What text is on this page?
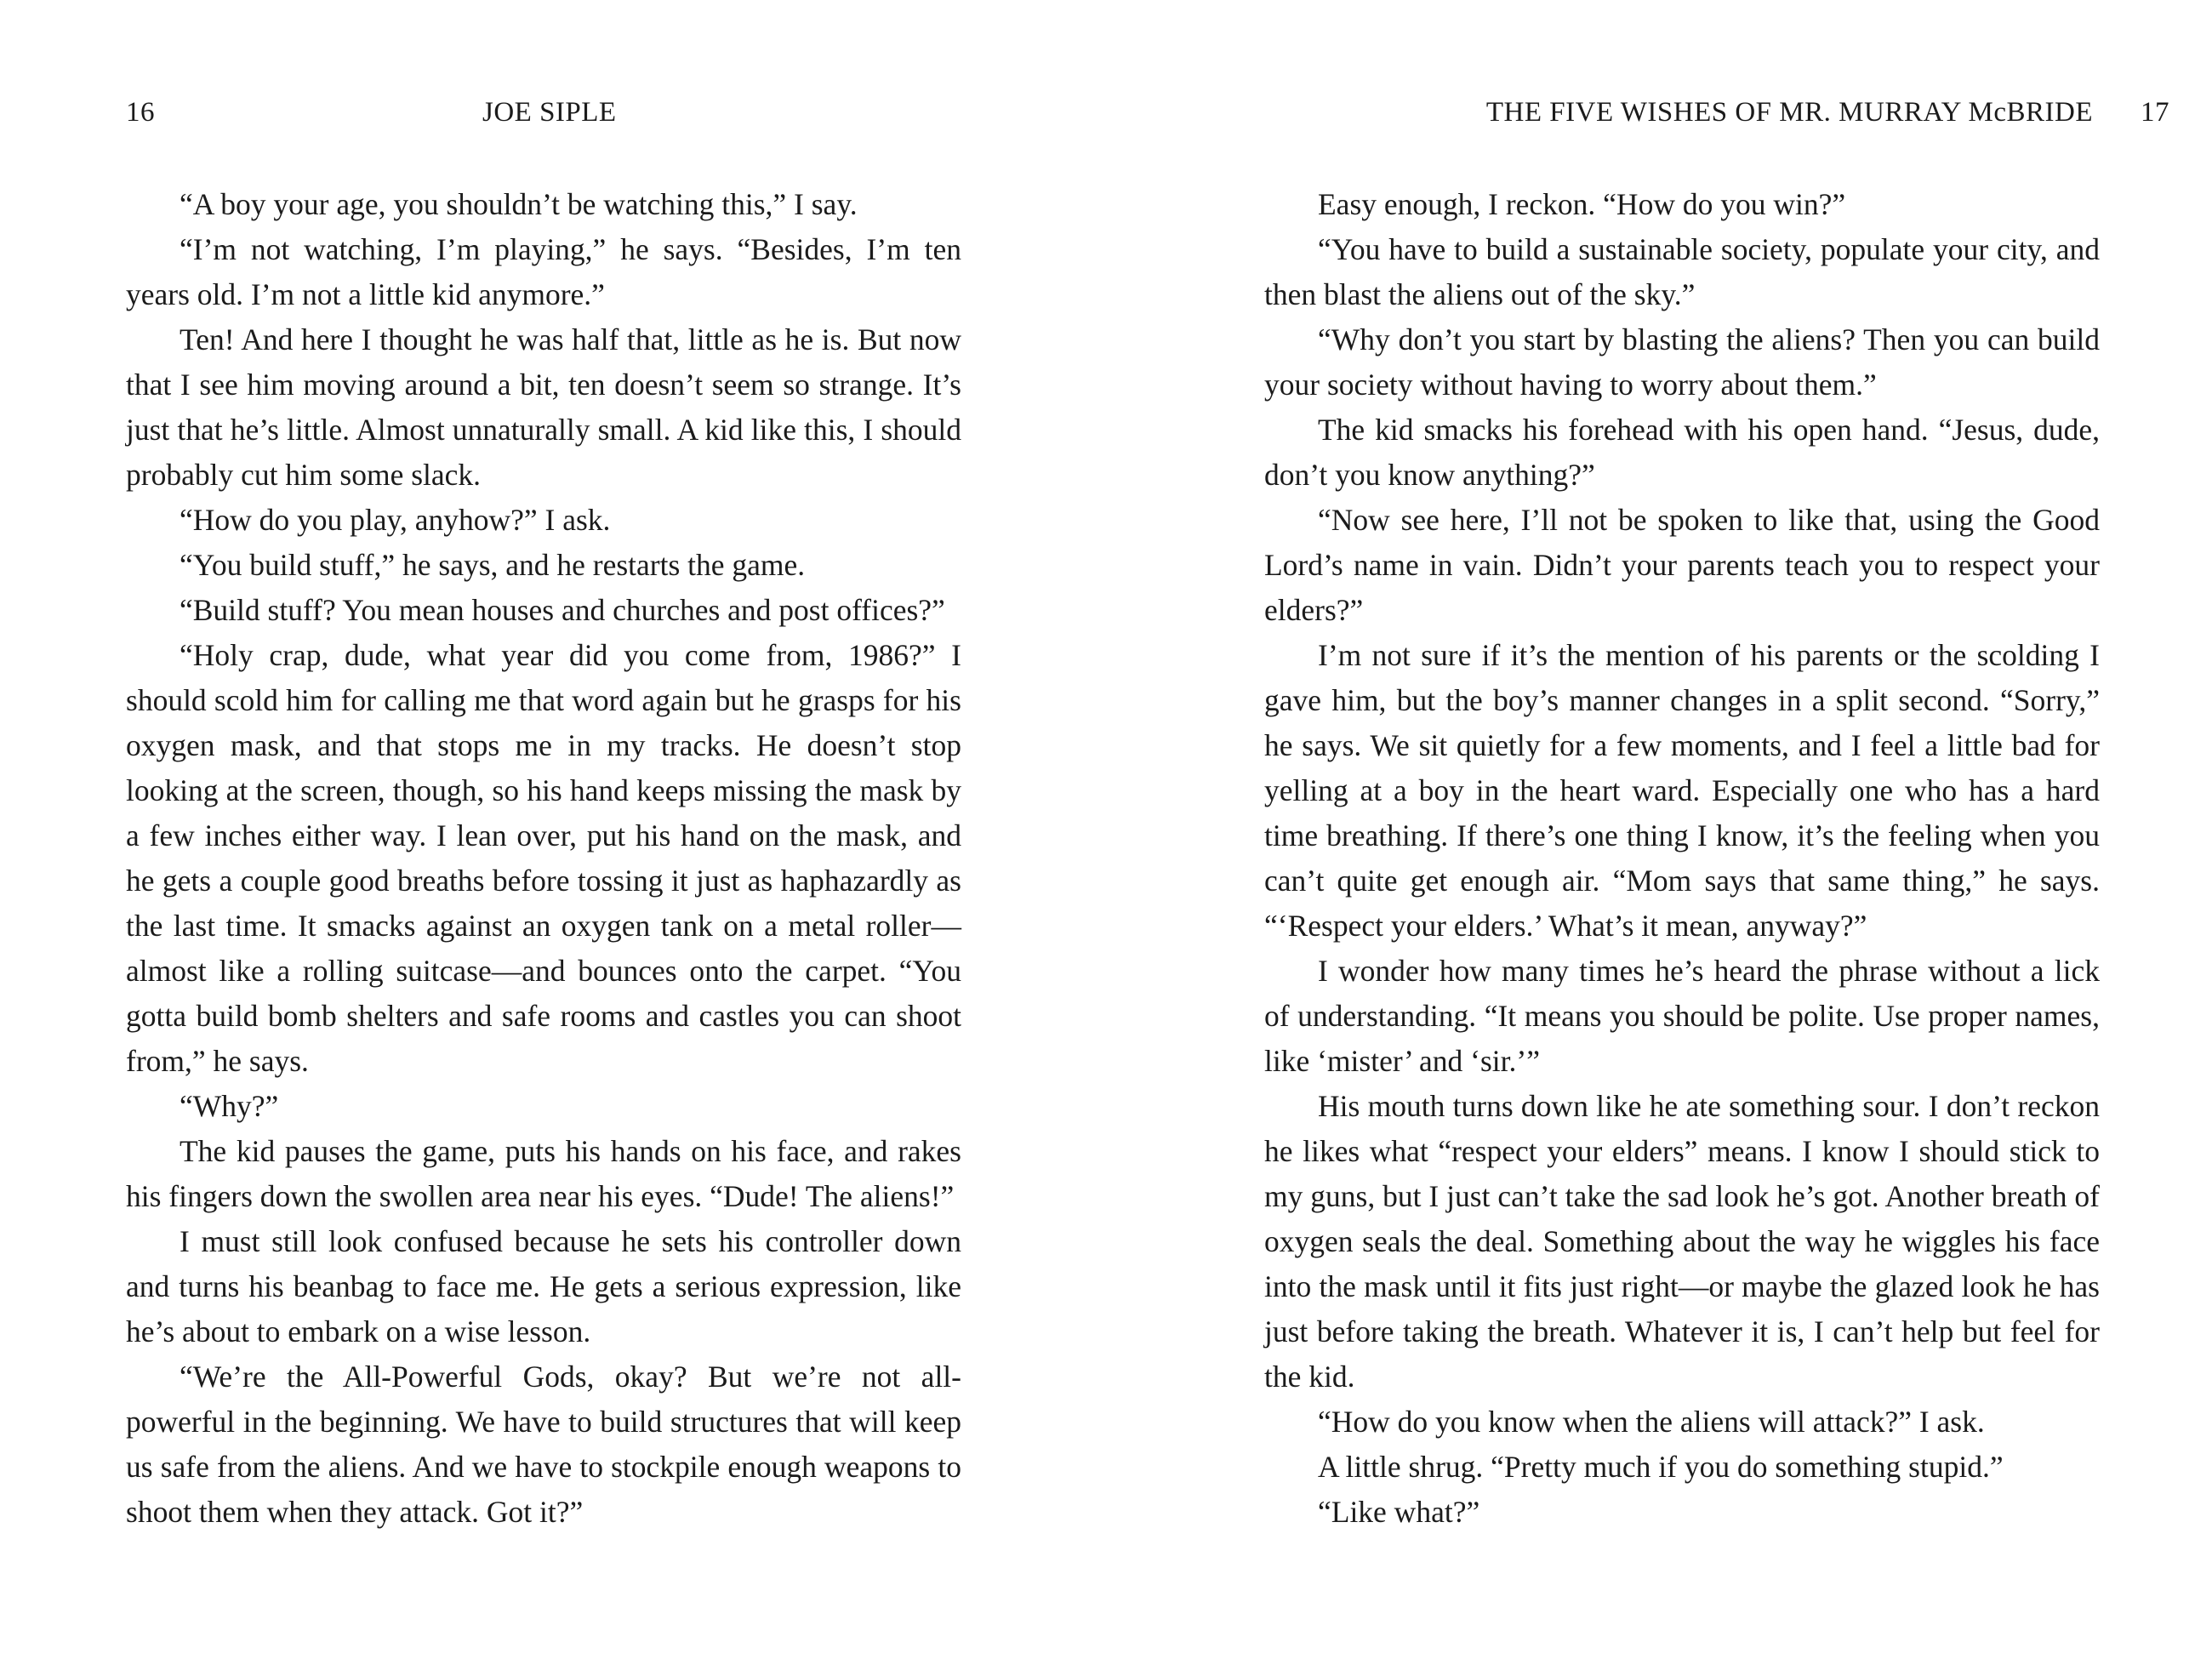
16	JOE SIPLE

“A boy your age, you shouldn’t be watching this,” I say.

“I’m not watching, I’m playing,” he says. “Besides, I’m ten years old. I’m not a little kid anymore.”

Ten! And here I thought he was half that, little as he is. But now that I see him moving around a bit, ten doesn’t seem so strange. It’s just that he’s little. Almost unnaturally small. A kid like this, I should probably cut him some slack.

“How do you play, anyhow?” I ask.

“You build stuff,” he says, and he restarts the game.

“Build stuff? You mean houses and churches and post offices?”

“Holy crap, dude, what year did you come from, 1986?” I should scold him for calling me that word again but he grasps for his oxygen mask, and that stops me in my tracks. He doesn’t stop looking at the screen, though, so his hand keeps missing the mask by a few inches either way. I lean over, put his hand on the mask, and he gets a couple good breaths before tossing it just as haphazardly as the last time. It smacks against an oxygen tank on a metal roller—almost like a rolling suitcase—and bounces onto the carpet. “You gotta build bomb shelters and safe rooms and castles you can shoot from,” he says.

“Why?”

The kid pauses the game, puts his hands on his face, and rakes his fingers down the swollen area near his eyes. “Dude! The aliens!”

I must still look confused because he sets his controller down and turns his beanbag to face me. He gets a serious expression, like he’s about to embark on a wise lesson.

“We’re the All-Powerful Gods, okay? But we’re not all-powerful in the beginning. We have to build structures that will keep us safe from the aliens. And we have to stockpile enough weapons to shoot them when they attack. Got it?”

THE FIVE WISHES OF MR. MURRAY McBRIDE 17

Easy enough, I reckon. “How do you win?”

“You have to build a sustainable society, populate your city, and then blast the aliens out of the sky.”

“Why don’t you start by blasting the aliens? Then you can build your society without having to worry about them.”

The kid smacks his forehead with his open hand. “Jesus, dude, don’t you know anything?”

“Now see here, I’ll not be spoken to like that, using the Good Lord’s name in vain. Didn’t your parents teach you to respect your elders?”

I’m not sure if it’s the mention of his parents or the scolding I gave him, but the boy’s manner changes in a split second. “Sorry,” he says. We sit quietly for a few moments, and I feel a little bad for yelling at a boy in the heart ward. Especially one who has a hard time breathing. If there’s one thing I know, it’s the feeling when you can’t quite get enough air. “Mom says that same thing,” he says. “‘Respect your elders.’ What’s it mean, anyway?”

I wonder how many times he’s heard the phrase without a lick of understanding. “It means you should be polite. Use proper names, like ‘mister’ and ‘sir.’”

His mouth turns down like he ate something sour. I don’t reckon he likes what “respect your elders” means. I know I should stick to my guns, but I just can’t take the sad look he’s got. Another breath of oxygen seals the deal. Something about the way he wiggles his face into the mask until it fits just right—or maybe the glazed look he has just before taking the breath. Whatever it is, I can’t help but feel for the kid.

“How do you know when the aliens will attack?” I ask.

A little shrug. “Pretty much if you do something stupid.”

“Like what?”
